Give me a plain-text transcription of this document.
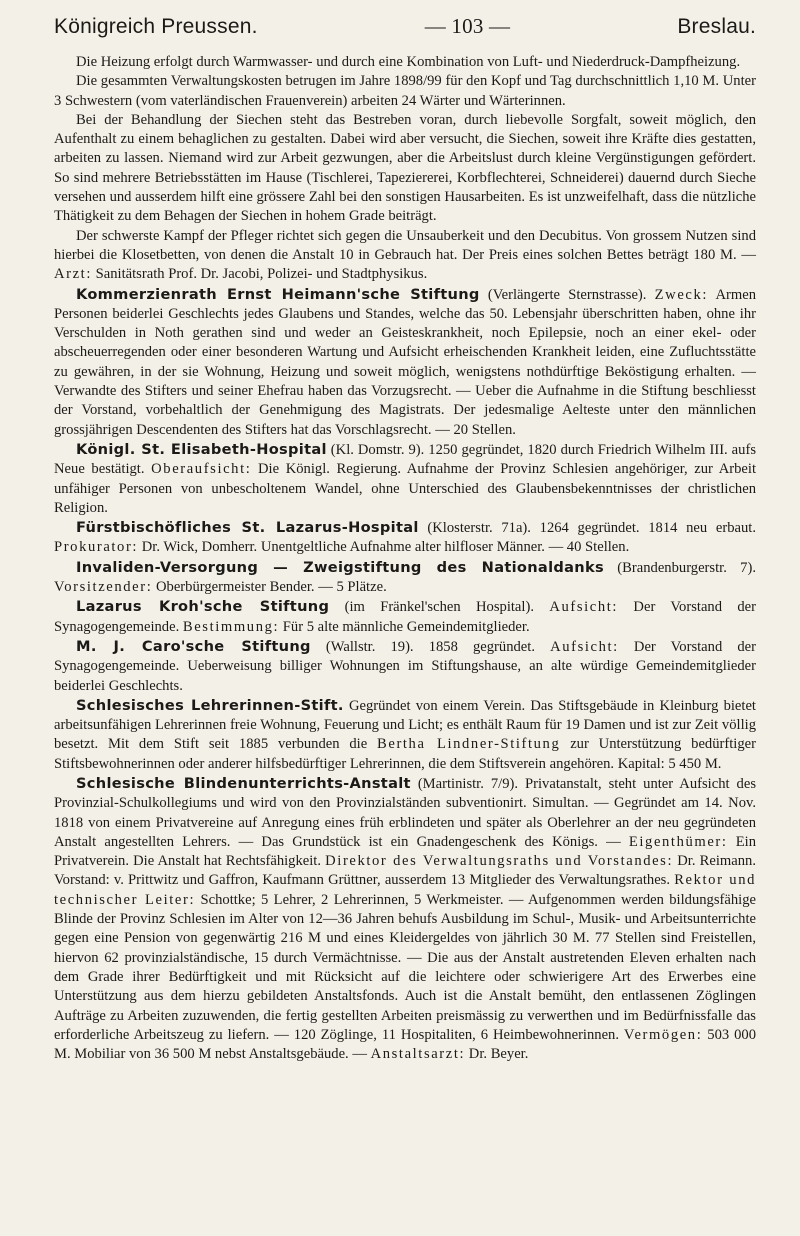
Königreich Preussen.	— 103 —	Breslau.

Die Heizung erfolgt durch Warmwasser- und durch eine Kombination von Luft- und Niederdruck-Dampfheizung.

Die gesammten Verwaltungskosten betrugen im Jahre 1898/99 für den Kopf und Tag durchschnittlich 1,10 M. Unter 3 Schwestern (vom vaterländischen Frauenverein) arbeiten 24 Wärter und Wärterinnen.

Bei der Behandlung der Siechen steht das Bestreben voran, durch liebevolle Sorgfalt, soweit möglich, den Aufenthalt zu einem behaglichen zu gestalten. Dabei wird aber versucht, die Siechen, soweit ihre Kräfte dies gestatten, arbeiten zu lassen. Niemand wird zur Arbeit gezwungen, aber die Arbeitslust durch kleine Vergünstigungen gefördert. So sind mehrere Betriebsstätten im Hause (Tischlerei, Tapeziererei, Korbflechterei, Schneiderei) dauernd durch Sieche versehen und ausserdem hilft eine grössere Zahl bei den sonstigen Hausarbeiten. Es ist unzweifelhaft, dass die nützliche Thätigkeit zu dem Behagen der Siechen in hohem Grade beiträgt.

Der schwerste Kampf der Pfleger richtet sich gegen die Unsauberkeit und den Decubitus. Von grossem Nutzen sind hierbei die Klosetbetten, von denen die Anstalt 10 in Gebrauch hat. Der Preis eines solchen Bettes beträgt 180 M. — Arzt: Sanitätsrath Prof. Dr. Jacobi, Polizei- und Stadtphysikus.

Kommerzienrath Ernst Heimann'sche Stiftung (Verlängerte Sternstrasse). Zweck: Armen Personen beiderlei Geschlechts jedes Glaubens und Standes, welche das 50. Lebensjahr überschritten haben, ohne ihr Verschulden in Noth gerathen sind und weder an Geisteskrankheit, noch Epilepsie, noch an einer ekel- oder abscheuerregenden oder einer besonderen Wartung und Aufsicht erheischenden Krankheit leiden, eine Zufluchtsstätte zu gewähren, in der sie Wohnung, Heizung und soweit möglich, wenigstens nothdürftige Beköstigung erhalten. — Verwandte des Stifters und seiner Ehefrau haben das Vorzugsrecht. — Ueber die Aufnahme in die Stiftung beschliesst der Vorstand, vorbehaltlich der Genehmigung des Magistrats. Der jedesmalige Aelteste unter den männlichen grossjährigen Descendenten des Stifters hat das Vorschlagsrecht. — 20 Stellen.

Königl. St. Elisabeth-Hospital (Kl. Domstr. 9). 1250 gegründet, 1820 durch Friedrich Wilhelm III. aufs Neue bestätigt. Oberaufsicht: Die Königl. Regierung. Aufnahme der Provinz Schlesien angehöriger, zur Arbeit unfähiger Personen von unbescholtenem Wandel, ohne Unterschied des Glaubensbekenntnisses der christlichen Religion.

Fürstbischöfliches St. Lazarus-Hospital (Klosterstr. 71a). 1264 gegründet. 1814 neu erbaut. Prokurator: Dr. Wick, Domherr. Unentgeltliche Aufnahme alter hilfloser Männer. — 40 Stellen.

Invaliden-Versorgung — Zweigstiftung des Nationaldanks (Brandenburgerstr. 7). Vorsitzender: Oberbürgermeister Bender. — 5 Plätze.

Lazarus Kroh'sche Stiftung (im Fränkel'schen Hospital). Aufsicht: Der Vorstand der Synagogengemeinde. Bestimmung: Für 5 alte männliche Gemeindemitglieder.

M. J. Caro'sche Stiftung (Wallstr. 19). 1858 gegründet. Aufsicht: Der Vorstand der Synagogengemeinde. Ueberweisung billiger Wohnungen im Stiftungshause, an alte würdige Gemeindemitglieder beiderlei Geschlechts.

Schlesisches Lehrerinnen-Stift. Gegründet von einem Verein. Das Stiftsgebäude in Kleinburg bietet arbeitsunfähigen Lehrerinnen freie Wohnung, Feuerung und Licht; es enthält Raum für 19 Damen und ist zur Zeit völlig besetzt. Mit dem Stift seit 1885 verbunden die Bertha Lindner-Stiftung zur Unterstützung bedürftiger Stiftsbewohnerinnen oder anderer hilfsbedürftiger Lehrerinnen, die dem Stiftsverein angehören. Kapital: 5 450 M.

Schlesische Blindenunterrichts-Anstalt (Martinistr. 7/9). Privatanstalt, steht unter Aufsicht des Provinzial-Schulkollegiums und wird von den Provinzialständen subventionirt. Simultan. — Gegründet am 14. Nov. 1818 von einem Privatvereine auf Anregung eines früh erblindeten und später als Oberlehrer an der neu gegründeten Anstalt angestellten Lehrers. — Das Grundstück ist ein Gnadengeschenk des Königs. — Eigenthümer: Ein Privatverein. Die Anstalt hat Rechtsfähigkeit. Direktor des Verwaltungsraths und Vorstandes: Dr. Reimann. Vorstand: v. Prittwitz und Gaffron, Kaufmann Grüttner, ausserdem 13 Mitglieder des Verwaltungsrathes. Rektor und technischer Leiter: Schottke; 5 Lehrer, 2 Lehrerinnen, 5 Werkmeister. — Aufgenommen werden bildungsfähige Blinde der Provinz Schlesien im Alter von 12—36 Jahren behufs Ausbildung im Schul-, Musik- und Arbeitsunterrichte gegen eine Pension von gegenwärtig 216 M und eines Kleidergeldes von jährlich 30 M. 77 Stellen sind Freistellen, hiervon 62 provinzialständische, 15 durch Vermächtnisse. — Die aus der Anstalt austretenden Eleven erhalten nach dem Grade ihrer Bedürftigkeit und mit Rücksicht auf die leichtere oder schwierigere Art des Erwerbes eine Unterstützung aus dem hierzu gebildeten Anstaltsfonds. Auch ist die Anstalt bemüht, den entlassenen Zöglingen Aufträge zu Arbeiten zuzuwenden, die fertig gestellten Arbeiten preismässig zu verwerthen und im Bedürfnissfalle das erforderliche Arbeitszeug zu liefern. — 120 Zöglinge, 11 Hospitaliten, 6 Heimbewohnerinnen. Vermögen: 503 000 M. Mobiliar von 36 500 M nebst Anstaltsgebäude. — Anstaltsarzt: Dr. Beyer.
